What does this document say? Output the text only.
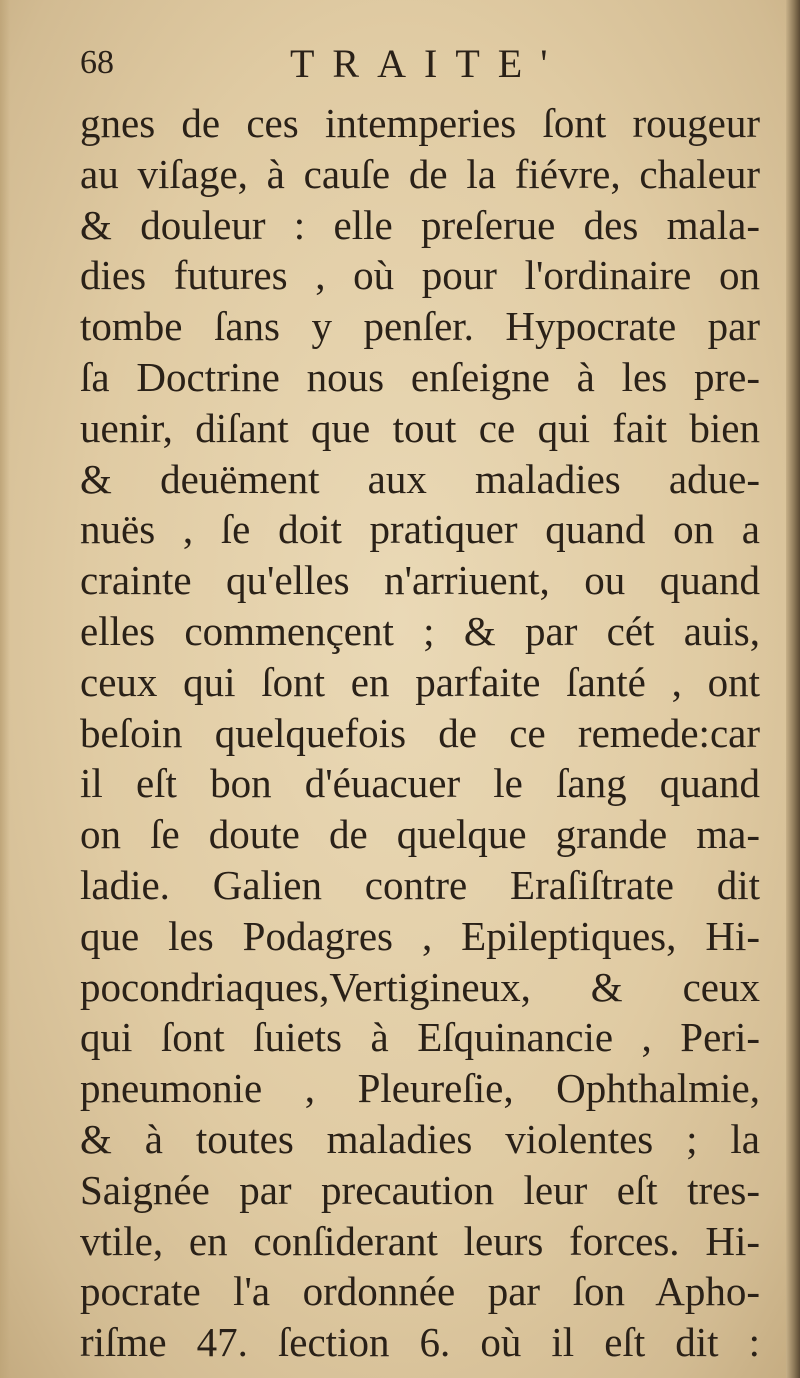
68	TRAITE'
gnes de ces intemperies ſont rougeur
au viſage, à cauſe de la fiévre, chaleur
& douleur : elle preſerue des mala-
dies futures , où pour l'ordinaire on
tombe ſans y penſer. Hypocrate par
ſa Doctrine nous enſeigne à les pre-
uenir, diſant que tout ce qui fait bien
& deuëment aux maladies adue-
nuës , ſe doit pratiquer quand on a
crainte qu'elles n'arriuent, ou quand
elles commençent ; & par cét auis,
ceux qui ſont en parfaite ſanté , ont
beſoin quelquefois de ce remede:car
il eſt bon d'éuacuer le ſang quand
on ſe doute de quelque grande ma-
ladie. Galien contre Eraſiſtrate dit
que les Podagres , Epileptiques, Hi-
pocondriaques,Vertigineux, & ceux
qui ſont ſuiets à Eſquinancie , Peri-
pneumonie , Pleureſie, Ophthalmie,
& à toutes maladies violentes ; la
Saignée par precaution leur eſt tres-
vtile, en conſiderant leurs forces. Hi-
pocrate l'a ordonnée par ſon Apho-
riſme 47. ſection 6. où il eſt dit :
